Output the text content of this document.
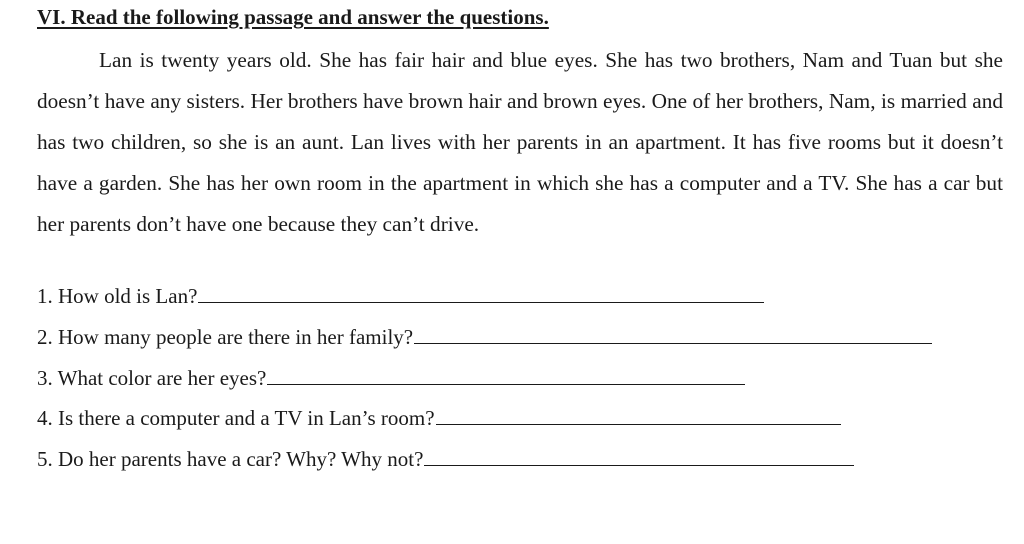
VI. Read the following passage and answer the questions.

Lan is twenty years old. She has fair hair and blue eyes. She has two brothers, Nam and Tuan but she doesn’t have any sisters. Her brothers have brown hair and brown eyes. One of her brothers, Nam, is married and has two children, so she is an aunt. Lan lives with her parents in an apartment. It has five rooms but it doesn’t have a garden. She has her own room in the apartment in which she has a computer and a TV. She has a car but her parents don’t have one because they can’t drive.

1. How old is Lan?
2. How many people are there in her family?
3. What color are her eyes?
4. Is there a computer and a TV in Lan’s room?
5. Do her parents have a car? Why? Why not?
